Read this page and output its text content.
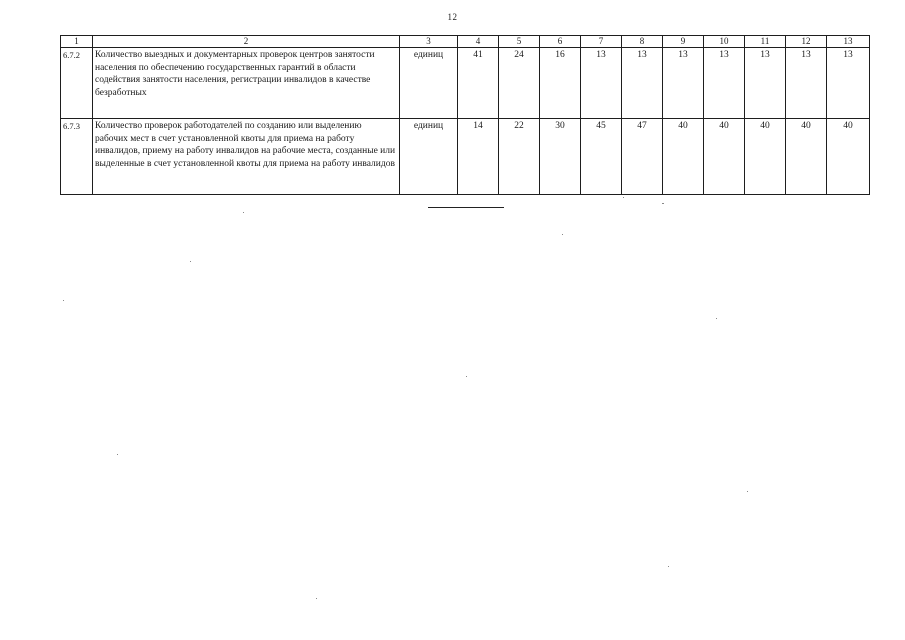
12
1	2	3	4	5	6	7	8	9	10	11	12	13
6.7.2	Количество выездных и документарных проверок центров занятости населения по обеспечению государственных гарантий в области содействия занятости населения, регистрации инвалидов в качестве безработных	единиц	41	24	16	13	13	13	13	13	13	13
6.7.3	Количество проверок работодателей по созданию или выделению рабочих мест в счет установленной квоты для приема на работу инвалидов, приему на работу инвалидов на рабочие места, созданные или выделенные в счет установленной квоты для приема на работу инвалидов	единиц	14	22	30	45	47	40	40	40	40	40
